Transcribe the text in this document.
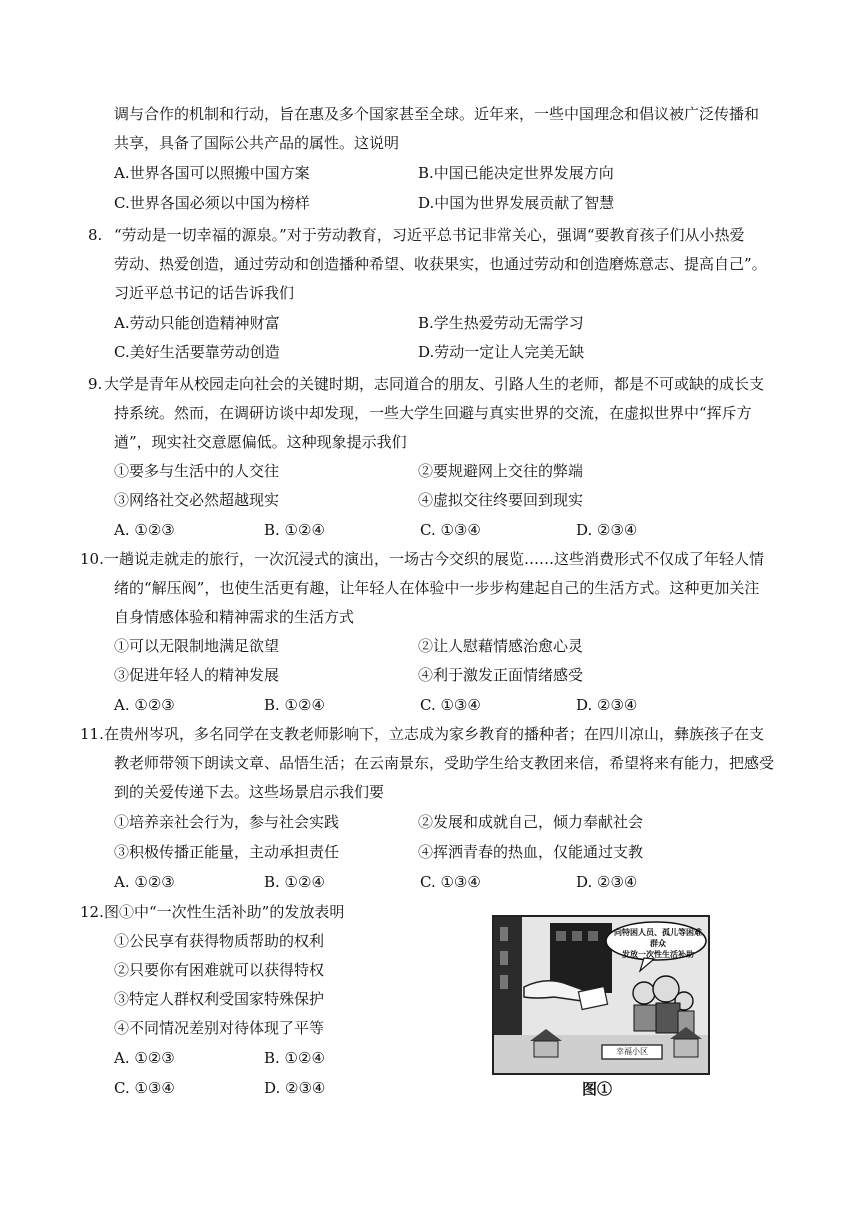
调与合作的机制和行动，旨在惠及多个国家甚至全球。近年来，一些中国理念和倡议被广泛传播和
共享，具备了国际公共产品的属性。这说明
A.世界各国可以照搬中国方案	B.中国已能决定世界发展方向
C.世界各国必须以中国为榜样	D.中国为世界发展贡献了智慧
8. “劳动是一切幸福的源泉。”对于劳动教育，习近平总书记非常关心，强调“要教育孩子们从小热爱
劳动、热爱创造，通过劳动和创造播种希望、收获果实，也通过劳动和创造磨炼意志、提高自己”。
习近平总书记的话告诉我们
A.劳动只能创造精神财富	B.学生热爱劳动无需学习
C.美好生活要靠劳动创造	D.劳动一定让人完美无缺
9. 大学是青年从校园走向社会的关键时期，志同道合的朋友、引路人生的老师，都是不可或缺的成长支
持系统。然而，在调研访谈中却发现，一些大学生回避与真实世界的交流，在虚拟世界中“挥斥方
遒”，现实社交意愿偏低。这种现象提示我们
①要多与生活中的人交往	②要规避网上交往的弊端
③网络社交必然超越现实	④虚拟交往终要回到现实
A. ①②③	B. ①②④	C. ①③④	D. ②③④
10. 一趟说走就走的旅行，一次沉浸式的演出，一场古今交织的展览……这些消费形式不仅成了年轻人情
绪的“解压阀”，也使生活更有趣，让年轻人在体验中一步步构建起自己的生活方式。这种更加关注
自身情感体验和精神需求的生活方式
①可以无限制地满足欲望	②让人慰藉情感治愈心灵
③促进年轻人的精神发展	④利于激发正面情绪感受
A. ①②③	B. ①②④	C. ①③④	D. ②③④
11. 在贵州岑巩，多名同学在支教老师影响下，立志成为家乡教育的播种者；在四川凉山，彝族孩子在支
教老师带领下朗读文章、品悟生活；在云南景东，受助学生给支教团来信，希望将来有能力，把感受
到的关爱传递下去。这些场景启示我们要
①培养亲社会行为，参与社会实践	②发展和成就自己，倾力奉献社会
③积极传播正能量，主动承担责任	④挥洒青春的热血，仅能通过支教
A. ①②③	B. ①②④	C. ①③④	D. ②③④
12. 图①中“一次性生活补助”的发放表明
①公民享有获得物质帮助的权利
②只要你有困难就可以获得特权
③特定人群权利受国家特殊保护
④不同情况差别对待体现了平等
A. ①②③	B. ①②④
C. ①③④	D. ②③④
向特困人员、孤儿等困难群众
发放一次性生活补助
幸福小区
图①
